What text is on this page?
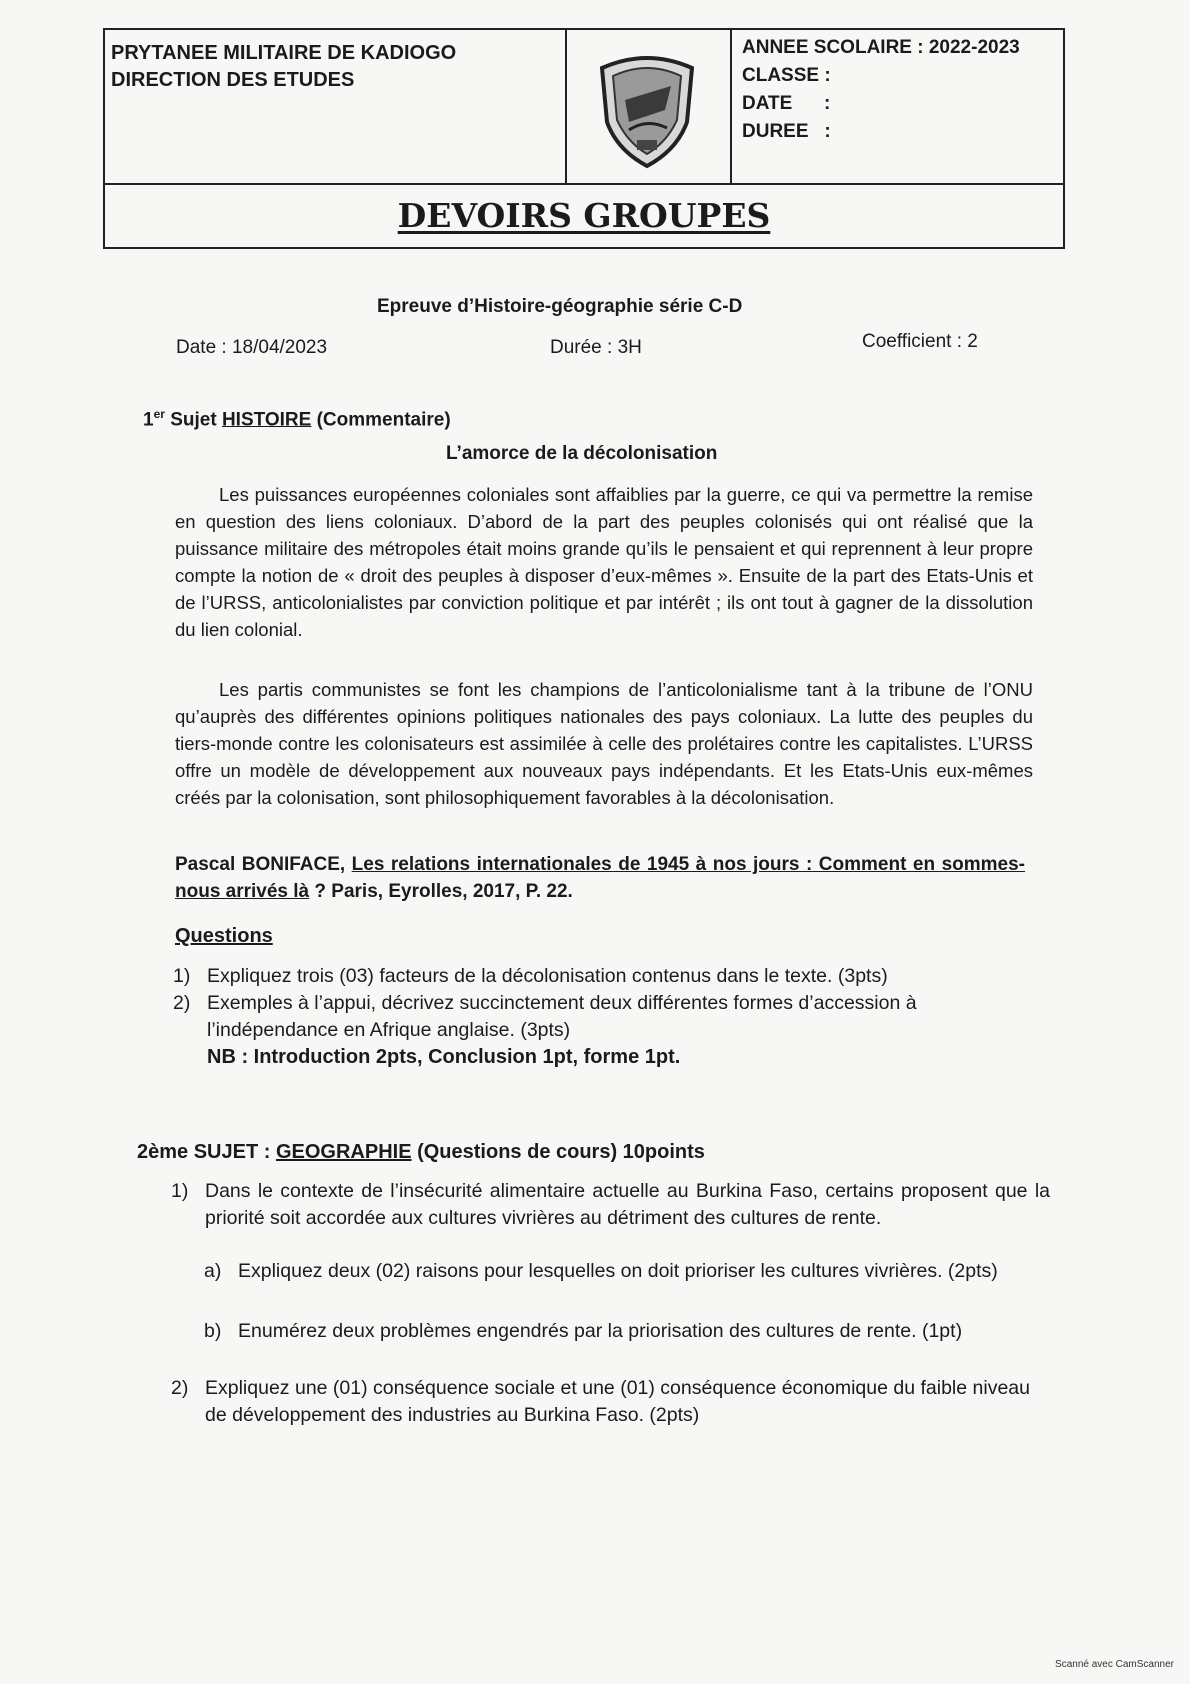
PRYTANEE MILITAIRE DE KADIOGO
DIRECTION DES ETUDES
ANNEE SCOLAIRE : 2022-2023
CLASSE :
DATE      :
DUREE   :
DEVOIRS GROUPES
Epreuve d’Histoire-géographie série C-D
Date : 18/04/2023	Durée : 3H	Coefficient : 2
1er Sujet HISTOIRE (Commentaire)
L’amorce de la décolonisation
Les puissances européennes coloniales sont affaiblies par la guerre, ce qui va permettre la remise en question des liens coloniaux. D’abord de la part des peuples colonisés qui ont réalisé que la puissance militaire des métropoles était moins grande qu’ils le pensaient et qui reprennent à leur propre compte la notion de « droit des peuples à disposer d’eux-mêmes ». Ensuite de la part des Etats-Unis et de l’URSS, anticolonialistes par conviction politique et par intérêt ; ils ont tout à gagner de la dissolution du lien colonial.
Les partis communistes se font les champions de l’anticolonialisme tant à la tribune de l’ONU qu’auprès des différentes opinions politiques nationales des pays coloniaux. La lutte des peuples du tiers-monde contre les colonisateurs est assimilée à celle des prolétaires contre les capitalistes. L’URSS offre un modèle de développement aux nouveaux pays indépendants. Et les Etats-Unis eux-mêmes créés par la colonisation, sont philosophiquement favorables à la décolonisation.
Pascal BONIFACE, Les relations internationales de 1945 à nos jours : Comment en sommes-nous arrivés là ? Paris, Eyrolles, 2017, P. 22.
Questions
1) Expliquez trois (03) facteurs de la décolonisation contenus dans le texte. (3pts)
2) Exemples à l’appui, décrivez succinctement deux différentes formes d’accession à l’indépendance en Afrique anglaise. (3pts)
NB : Introduction 2pts, Conclusion 1pt, forme 1pt.
2ème SUJET : GEOGRAPHIE (Questions de cours) 10points
1) Dans le contexte de l’insécurité alimentaire actuelle au Burkina Faso, certains proposent que la priorité soit accordée aux cultures vivrières au détriment des cultures de rente.
a) Expliquez deux (02) raisons pour lesquelles on doit prioriser les cultures vivrières. (2pts)
b) Enumérez deux problèmes engendrés par la priorisation des cultures de rente. (1pt)
2) Expliquez une (01) conséquence sociale et une (01) conséquence économique du faible niveau de développement des industries au Burkina Faso. (2pts)
Scanné avec CamScanner
